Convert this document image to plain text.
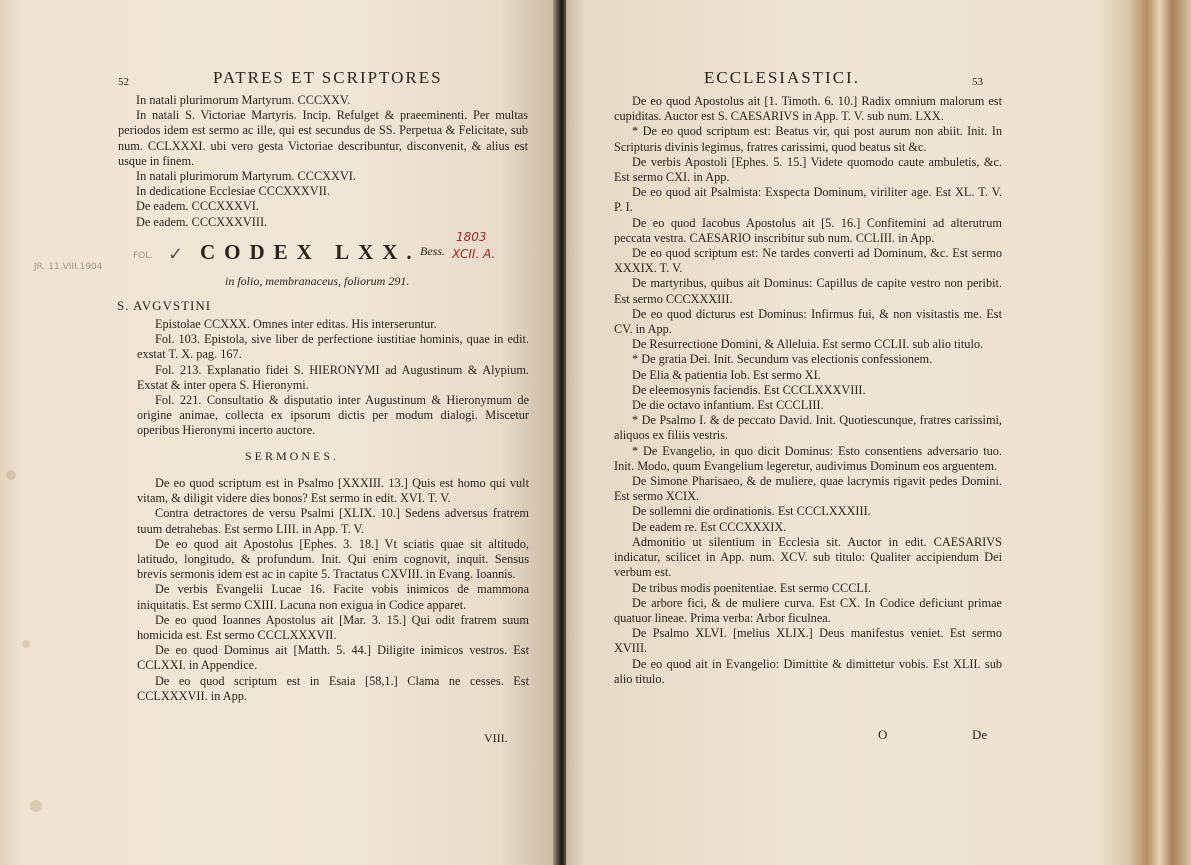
52	PATRES ET SCRIPTORES

In natali plurimorum Martyrum. CCCXXV.

In natali S. Victoriae Martyris. Incip. Refulget & praeeminenti. Per multas periodos idem est sermo ac ille, qui est secundus de SS. Perpetua & Felicitate, sub num. CCLXXXI. ubi vero gesta Victoriae describuntur, disconvenit, & alius est usque in finem.

In natali plurimorum Martyrum. CCCXXVI.

In dedicatione Ecclesiae CCCXXXVII.

De eadem. CCCXXXVI.

De eadem. CCCXXXVIII.

JR. 11.VIII.1904
FOL. ✓ CODEX LXX. Bess.
1803
XCII. A.
in folio, membranaceus, foliorum 291.
S. AVGVSTINI

Epistolae CCXXX. Omnes inter editas. His interseruntur.

Fol. 103. Epistola, sive liber de perfectione iustitiae hominis, quae in edit. exstat T. X. pag. 167.

Fol. 213. Explanatio fidei S. HIERONYMI ad Augustinum & Alypium. Exstat & inter opera S. Hieronymi.

Fol. 221. Consultatio & disputatio inter Augustinum & Hieronymum de origine animae, collecta ex ipsorum dictis per modum dialogi. Miscetur operibus Hieronymi incerto auctore.

SERMONES.

De eo quod scriptum est in Psalmo [XXXIII. 13.] Quis est homo qui vult vitam, & diligit videre dies bonos? Est sermo in edit. XVI. T. V.

Contra detractores de versu Psalmi [XLIX. 10.] Sedens adversus fratrem tuum detrahebas. Est sermo LIII. in App. T. V.

De eo quod ait Apostolus [Ephes. 3. 18.] Vt sciatis quae sit altitudo, latitudo, longitudo, & profundum. Init. Qui enim cognovit, inquit. Sensus brevis sermonis idem est ac in capite 5. Tractatus CXVIII. in Evang. Ioannis.

De verbis Evangelii Lucae 16. Facite vobis inimicos de mammona iniquitatis. Est sermo CXIII. Lacuna non exigua in Codice apparet.

De eo quod Ioannes Apostolus ait [Mar. 3. 15.] Qui odit fratrem suum homicida est. Est sermo CCCLXXXVII.

De eo quod Dominus ait [Matth. 5. 44.] Diligite inimicos vestros. Est CCLXXI. in Appendice.

De eo quod scriptum est in Esaia [58,1.] Clama ne cesses. Est CCLXXXVII. in App.

VIII.
ECCLESIASTICI.	53

De eo quod Apostolus ait [1. Timoth. 6. 10.] Radix omnium malorum est cupiditas. Auctor est S. CAESARIVS in App. T. V. sub num. LXX.

* De eo quod scriptum est: Beatus vir, qui post aurum non abiit. Init. In Scripturis divinis legimus, fratres carissimi, quod beatus sit &c.

De verbis Apostoli [Ephes. 5. 15.] Videte quomodo caute ambuletis, &c. Est sermo CXI. in App.

De eo quod ait Psalmista: Exspecta Dominum, viriliter age. Est XL. T. V. P. I.

De eo quod Iacobus Apostolus ait [5. 16.] Confitemini ad alterutrum peccata vestra. CAESARIO inscribitur sub num. CCLIII. in App.

De eo quod scriptum est: Ne tardes converti ad Dominum, &c. Est sermo XXXIX. T. V.

De martyribus, quibus ait Dominus: Capillus de capite vestro non peribit. Est sermo CCCXXXIII.

De eo quod dicturus est Dominus: Infirmus fui, & non visitastis me. Est CV. in App.

De Resurrectione Domini, & Alleluia. Est sermo CCLII. sub alio titulo.

* De gratia Dei. Init. Secundum vas electionis confessionem.

De Elia & patientia Iob. Est sermo XI.

De eleemosynis faciendis. Est CCCLXXXVIII.

De die octavo infantium. Est CCCLIII.

* De Psalmo I. & de peccato David. Init. Quotiescunque, fratres carissimi, aliquos ex filiis vestris.

* De Evangelio, in quo dicit Dominus: Esto consentiens adversario tuo. Init. Modo, quum Evangelium legeretur, audivimus Dominum eos arguentem.

De Simone Pharisaeo, & de muliere, quae lacrymis rigavit pedes Domini. Est sermo XCIX.

De sollemni die ordinationis. Est CCCLXXXIII.

De eadem re. Est CCCXXXIX.

Admonitio ut silentium in Ecclesia sit. Auctor in edit. CAESARIVS indicatur, scilicet in App. num. XCV. sub titulo: Qualiter accipiendum Dei verbum est.

De tribus modis poenitentiae. Est sermo CCCLI.

De arbore fici, & de muliere curva. Est CX. In Codice deficiunt primae quatuor lineae. Prima verba: Arbor ficulnea.

De Psalmo XLVI. [melius XLIX.] Deus manifestus veniet. Est sermo XVIII.

De eo quod ait in Evangelio: Dimittite & dimittetur vobis. Est XLII. sub alio titulo.

O	De
